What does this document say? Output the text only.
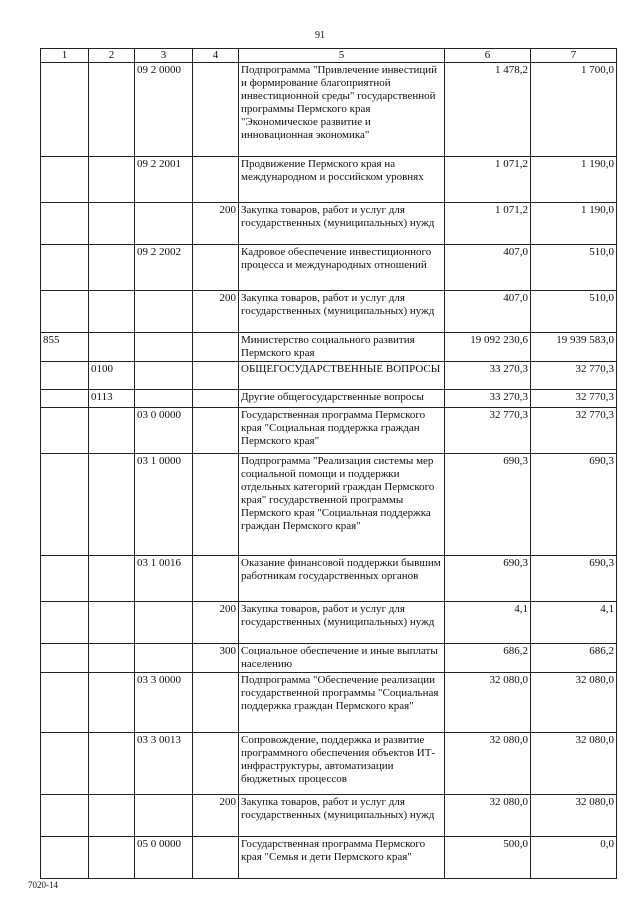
91
1	2	3	4	5	6	7
		09 2 0000		Подпрограмма "Привлечение инвестиций и формирование благоприятной инвестиционной среды" государственной программы Пермского края "Экономическое развитие и инновационная экономика"	1 478,2	1 700,0
		09 2 2001		Продвижение Пермского края на международном и российском уровнях	1 071,2	1 190,0
			200	Закупка товаров, работ и услуг для государственных (муниципальных) нужд	1 071,2	1 190,0
		09 2 2002		Кадровое обеспечение инвестиционного процесса и международных отношений	407,0	510,0
			200	Закупка товаров, работ и услуг для государственных (муниципальных) нужд	407,0	510,0
855				Министерство социального развития Пермского края	19 092 230,6	19 939 583,0
	0100			ОБЩЕГОСУДАРСТВЕННЫЕ ВОПРОСЫ	33 270,3	32 770,3
	0113			Другие общегосударственные вопросы	33 270,3	32 770,3
		03 0 0000		Государственная программа Пермского края "Социальная поддержка граждан Пермского края"	32 770,3	32 770,3
		03 1 0000		Подпрограмма "Реализация системы мер социальной помощи и поддержки отдельных категорий граждан Пермского края" государственной программы Пермского края "Социальная поддержка граждан Пермского края"	690,3	690,3
		03 1 0016		Оказание финансовой поддержки бывшим работникам государственных органов	690,3	690,3
			200	Закупка товаров, работ и услуг для государственных (муниципальных) нужд	4,1	4,1
			300	Социальное обеспечение и иные выплаты населению	686,2	686,2
		03 3 0000		Подпрограмма "Обеспечение реализации государственной программы "Социальная поддержка граждан Пермского края"	32 080,0	32 080,0
		03 3 0013		Сопровождение, поддержка и развитие программного обеспечения объектов ИТ-инфраструктуры, автоматизации бюджетных процессов	32 080,0	32 080,0
			200	Закупка товаров, работ и услуг для государственных (муниципальных) нужд	32 080,0	32 080,0
		05 0 0000		Государственная программа Пермского края "Семья и дети Пермского края"	500,0	0,0
7020-14
